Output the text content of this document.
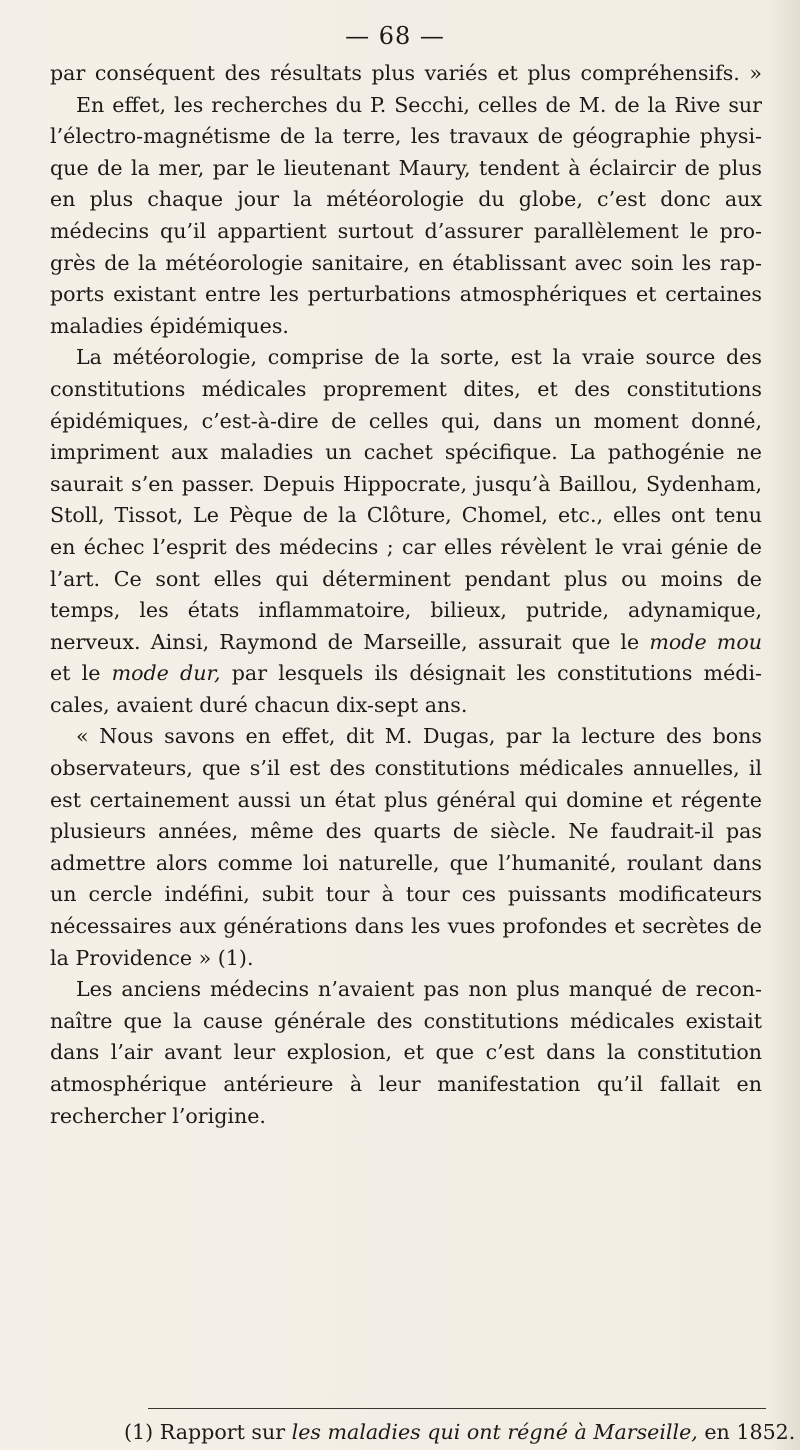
— 68 —
par conséquent des résultats plus variés et plus compréhensifs. »
En effet, les recherches du P. Secchi, celles de M. de la Rive sur
l’électro-magnétisme de la terre, les travaux de géographie physi-
que de la mer, par le lieutenant Maury, tendent à éclaircir de plus
en plus chaque jour la météorologie du globe, c’est donc aux
médecins qu’il appartient surtout d’assurer parallèlement le pro-
grès de la météorologie sanitaire, en établissant avec soin les rap-
ports existant entre les perturbations atmosphériques et certaines
maladies épidémiques.
La météorologie, comprise de la sorte, est la vraie source des
constitutions médicales proprement dites, et des constitutions
épidémiques, c’est-à-dire de celles qui, dans un moment donné,
impriment aux maladies un cachet spécifique. La pathogénie ne
saurait s’en passer. Depuis Hippocrate, jusqu’à Baillou, Sydenham,
Stoll, Tissot, Le Pèque de la Clôture, Chomel, etc., elles ont tenu
en échec l’esprit des médecins ; car elles révèlent le vrai génie de
l’art. Ce sont elles qui déterminent pendant plus ou moins de
temps, les états inflammatoire, bilieux, putride, adynamique,
nerveux. Ainsi, Raymond de Marseille, assurait que le mode mou
et le mode dur, par lesquels ils désignait les constitutions médi-
cales, avaient duré chacun dix-sept ans.
« Nous savons en effet, dit M. Dugas, par la lecture des bons
observateurs, que s’il est des constitutions médicales annuelles, il
est certainement aussi un état plus général qui domine et régente
plusieurs années, même des quarts de siècle. Ne faudrait-il pas
admettre alors comme loi naturelle, que l’humanité, roulant dans
un cercle indéfini, subit tour à tour ces puissants modificateurs
nécessaires aux générations dans les vues profondes et secrètes de
la Providence » (1).
Les anciens médecins n’avaient pas non plus manqué de recon-
naître que la cause générale des constitutions médicales existait
dans l’air avant leur explosion, et que c’est dans la constitution
atmosphérique antérieure à leur manifestation qu’il fallait en
rechercher l’origine.
(1) Rapport sur les maladies qui ont régné à Marseille, en 1852.
